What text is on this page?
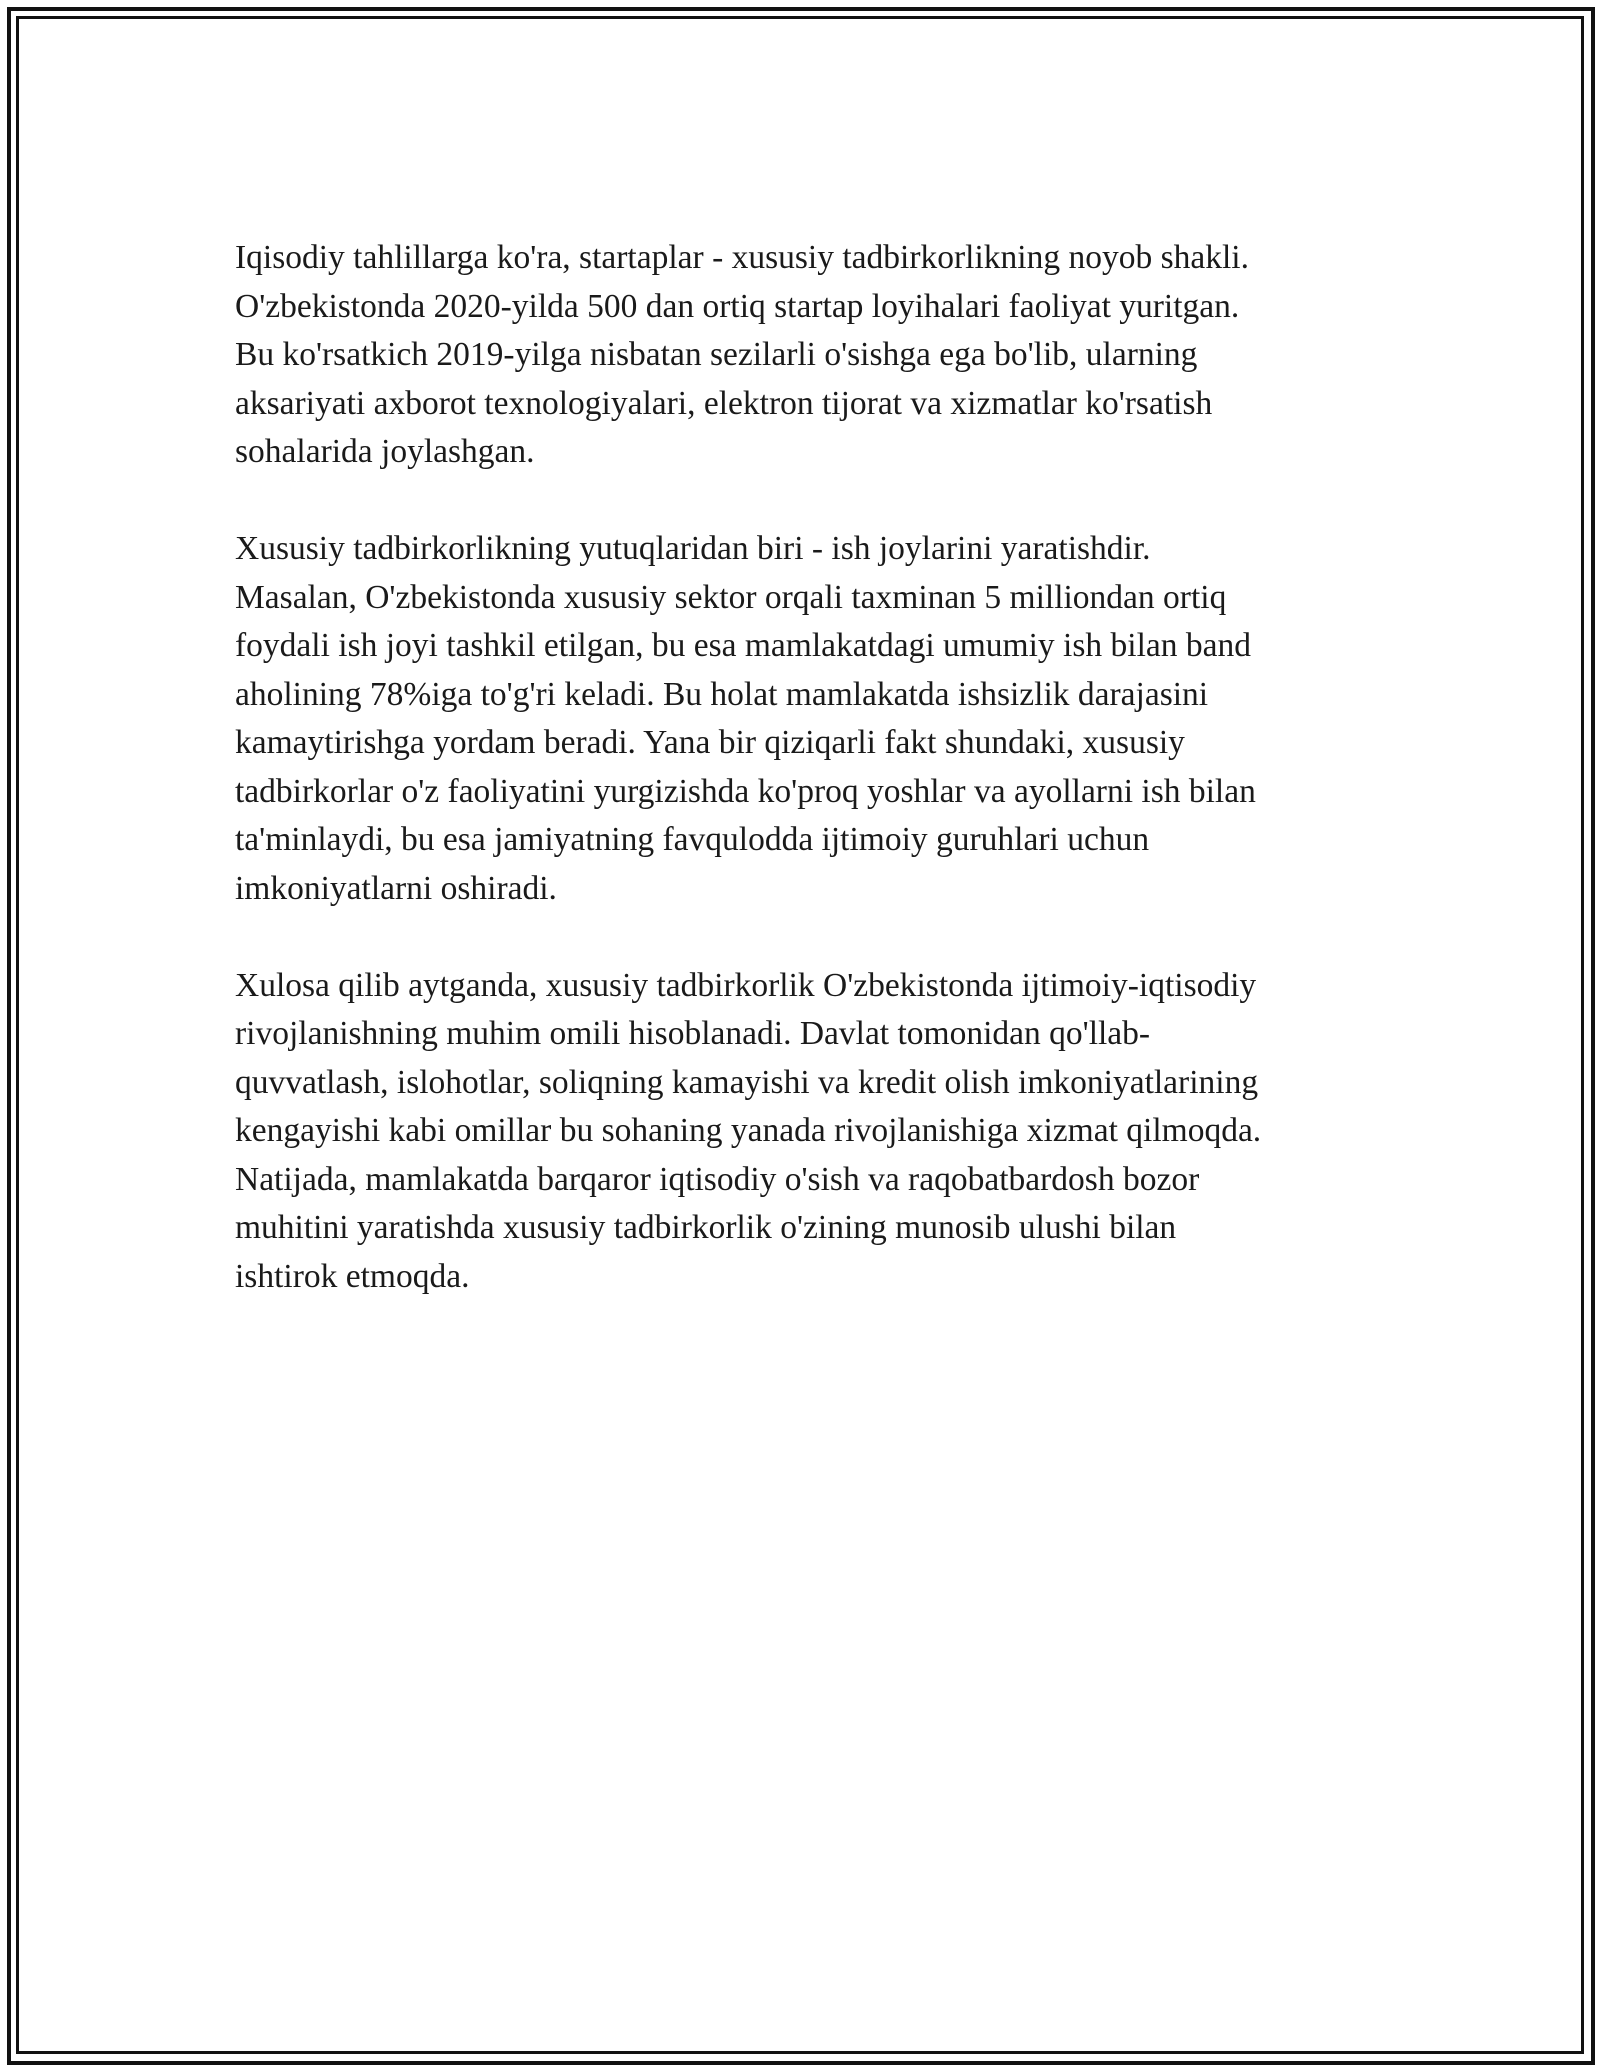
Iqisodiy tahlillarga ko'ra, startaplar - xususiy tadbirkorlikning noyob shakli.
O'zbekistonda 2020-yilda 500 dan ortiq startap loyihalari faoliyat yuritgan.
Bu ko'rsatkich 2019-yilga nisbatan sezilarli o'sishga ega bo'lib, ularning
aksariyati axborot texnologiyalari, elektron tijorat va xizmatlar ko'rsatish
sohalarida joylashgan.

Xususiy tadbirkorlikning yutuqlaridan biri - ish joylarini yaratishdir.
Masalan, O'zbekistonda xususiy sektor orqali taxminan 5 milliondan ortiq
foydali ish joyi tashkil etilgan, bu esa mamlakatdagi umumiy ish bilan band
aholining 78%iga to'g'ri keladi. Bu holat mamlakatda ishsizlik darajasini
kamaytirishga yordam beradi. Yana bir qiziqarli fakt shundaki, xususiy
tadbirkorlar o'z faoliyatini yurgizishda ko'proq yoshlar va ayollarni ish bilan
ta'minlaydi, bu esa jamiyatning favqulodda ijtimoiy guruhlari uchun
imkoniyatlarni oshiradi.

Xulosa qilib aytganda, xususiy tadbirkorlik O'zbekistonda ijtimoiy-iqtisodiy
rivojlanishning muhim omili hisoblanadi. Davlat tomonidan qo'llab-
quvvatlash, islohotlar, soliqning kamayishi va kredit olish imkoniyatlarining
kengayishi kabi omillar bu sohaning yanada rivojlanishiga xizmat qilmoqda.
Natijada, mamlakatda barqaror iqtisodiy o'sish va raqobatbardosh bozor
muhitini yaratishda xususiy tadbirkorlik o'zining munosib ulushi bilan
ishtirok etmoqda.
